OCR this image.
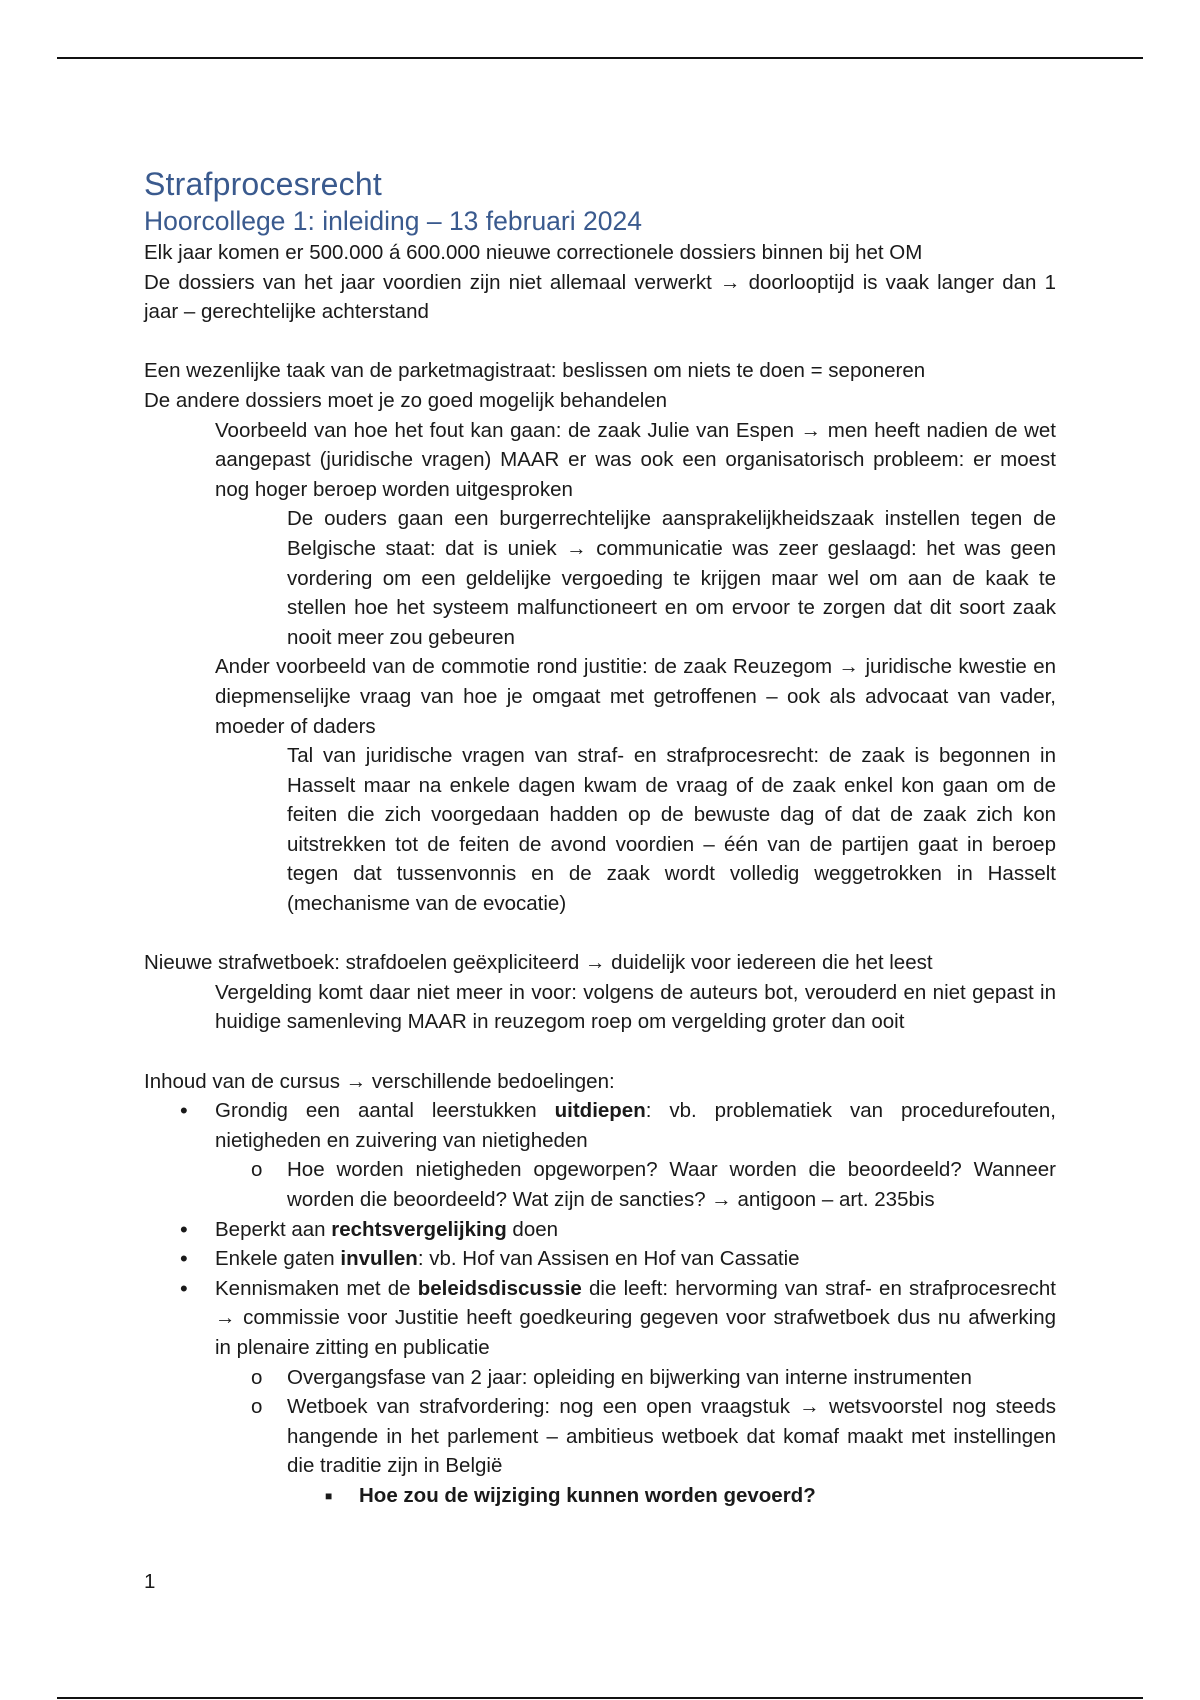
Strafprocesrecht
Hoorcollege 1: inleiding – 13 februari 2024

Elk jaar komen er 500.000 á 600.000 nieuwe correctionele dossiers binnen bij het OM

De dossiers van het jaar voordien zijn niet allemaal verwerkt → doorlooptijd is vaak langer dan 1 jaar – gerechtelijke achterstand

Een wezenlijke taak van de parketmagistraat: beslissen om niets te doen = seponeren

De andere dossiers moet je zo goed mogelijk behandelen

Voorbeeld van hoe het fout kan gaan: de zaak Julie van Espen → men heeft nadien de wet aangepast (juridische vragen) MAAR er was ook een organisatorisch probleem: er moest nog hoger beroep worden uitgesproken

De ouders gaan een burgerrechtelijke aansprakelijkheidszaak instellen tegen de Belgische staat: dat is uniek → communicatie was zeer geslaagd: het was geen vordering om een geldelijke vergoeding te krijgen maar wel om aan de kaak te stellen hoe het systeem malfunctioneert en om ervoor te zorgen dat dit soort zaak nooit meer zou gebeuren

Ander voorbeeld van de commotie rond justitie: de zaak Reuzegom → juridische kwestie en diepmenselijke vraag van hoe je omgaat met getroffenen – ook als advocaat van vader, moeder of daders

Tal van juridische vragen van straf- en strafprocesrecht: de zaak is begonnen in Hasselt maar na enkele dagen kwam de vraag of de zaak enkel kon gaan om de feiten die zich voorgedaan hadden op de bewuste dag of dat de zaak zich kon uitstrekken tot de feiten de avond voordien – één van de partijen gaat in beroep tegen dat tussenvonnis en de zaak wordt volledig weggetrokken in Hasselt (mechanisme van de evocatie)

Nieuwe strafwetboek: strafdoelen geëxpliciteerd → duidelijk voor iedereen die het leest

Vergelding komt daar niet meer in voor: volgens de auteurs bot, verouderd en niet gepast in huidige samenleving MAAR in reuzegom roep om vergelding groter dan ooit

Inhoud van de cursus → verschillende bedoelingen:

• Grondig een aantal leerstukken uitdiepen: vb. problematiek van procedurefouten, nietigheden en zuivering van nietigheden
o Hoe worden nietigheden opgeworpen? Waar worden die beoordeeld? Wanneer worden die beoordeeld? Wat zijn de sancties? → antigoon – art. 235bis
• Beperkt aan rechtsvergelijking doen
• Enkele gaten invullen: vb. Hof van Assisen en Hof van Cassatie
• Kennismaken met de beleidsdiscussie die leeft: hervorming van straf- en strafprocesrecht → commissie voor Justitie heeft goedkeuring gegeven voor strafwetboek dus nu afwerking in plenaire zitting en publicatie
o Overgangsfase van 2 jaar: opleiding en bijwerking van interne instrumenten
o Wetboek van strafvordering: nog een open vraagstuk → wetsvoorstel nog steeds hangende in het parlement – ambitieus wetboek dat komaf maakt met instellingen die traditie zijn in België
■ Hoe zou de wijziging kunnen worden gevoerd?
1
